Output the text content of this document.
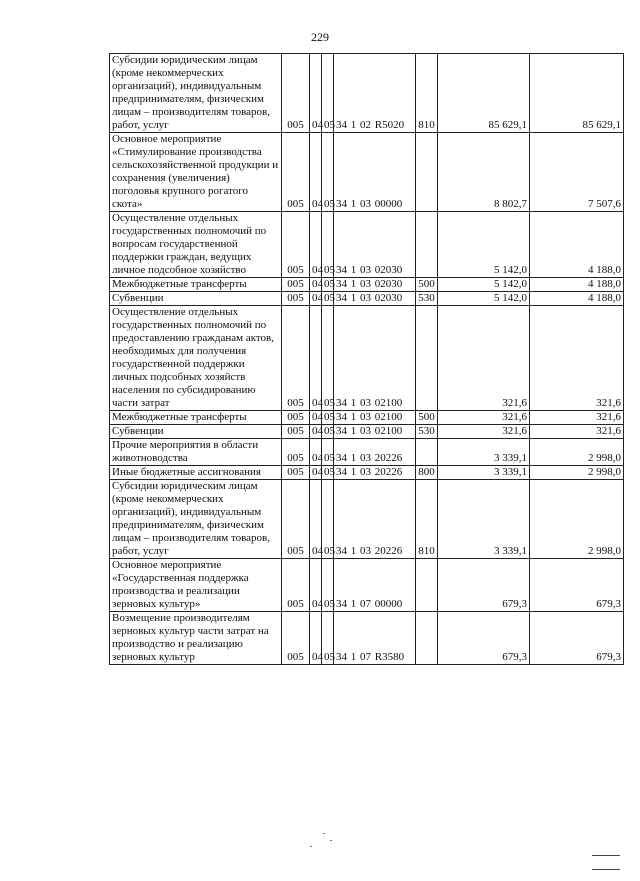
229
Субсидии юридическим лицам (кроме некоммерческих организаций), индивидуальным предпринимателям, физическим лицам – производителям товаров, работ, услуг	005	04	05	34 1 02 R5020	810	85 629,1	85 629,1
Основное мероприятие «Стимулирование производства сельскохозяйственной продукции и сохранения (увеличения) поголовья крупного рогатого скота»	005	04	05	34 1 03 00000		8 802,7	7 507,6
Осуществление отдельных государственных полномочий по вопросам государственной поддержки граждан, ведущих личное подсобное хозяйство	005	04	05	34 1 03 02030		5 142,0	4 188,0
Межбюджетные трансферты	005	04	05	34 1 03 02030	500	5 142,0	4 188,0
Субвенции	005	04	05	34 1 03 02030	530	5 142,0	4 188,0
Осуществление отдельных государственных полномочий по предоставлению гражданам актов, необходимых для получения государственной поддержки личных подсобных хозяйств населения по субсидированию части затрат	005	04	05	34 1 03 02100		321,6	321,6
Межбюджетные трансферты	005	04	05	34 1 03 02100	500	321,6	321,6
Субвенции	005	04	05	34 1 03 02100	530	321,6	321,6
Прочие мероприятия в области животноводства	005	04	05	34 1 03 20226		3 339,1	2 998,0
Иные бюджетные ассигнования	005	04	05	34 1 03 20226	800	3 339,1	2 998,0
Субсидии юридическим лицам (кроме некоммерческих организаций), индивидуальным предпринимателям, физическим лицам – производителям товаров, работ, услуг	005	04	05	34 1 03 20226	810	3 339,1	2 998,0
Основное мероприятие «Государственная поддержка производства и реализации зерновых культур»	005	04	05	34 1 07 00000		679,3	679,3
Возмещение производителям зерновых культур части затрат на производство и реализацию зерновых культур	005	04	05	34 1 07 R3580		679,3	679,3
